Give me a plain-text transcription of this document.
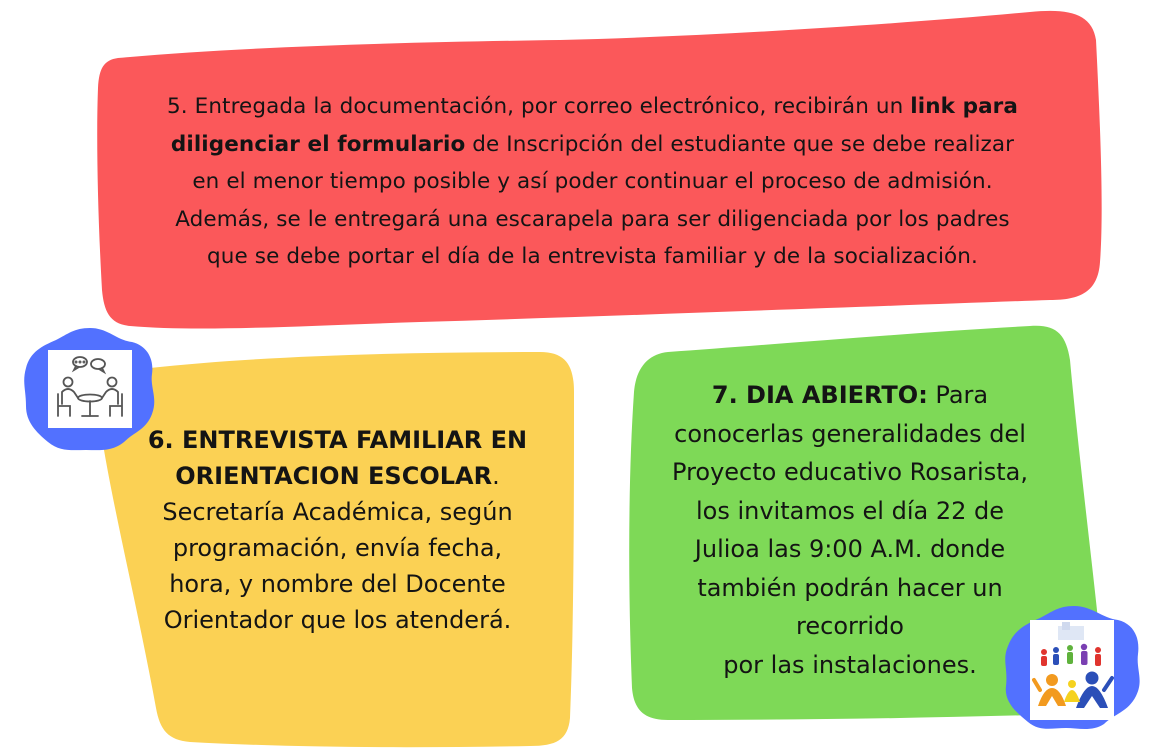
5. Entregada la documentación, por correo electrónico, recibirán un link para
diligenciar el formulario de Inscripción del estudiante que se debe realizar
en el menor tiempo posible y así poder continuar el proceso de admisión.
Además, se le entregará una escarapela para ser diligenciada por los padres
que se debe portar el día de la entrevista familiar y de la socialización.
6. ENTREVISTA FAMILIAR EN
ORIENTACION ESCOLAR.
Secretaría Académica, según
programación, envía fecha,
hora, y nombre del Docente
Orientador que los atenderá.
7. DIA ABIERTO: Para
conocerlas generalidades del
Proyecto educativo Rosarista,
los invitamos el día 22 de
Julioa las 9:00 A.M. donde
también podrán hacer un
recorrido
por las instalaciones.
